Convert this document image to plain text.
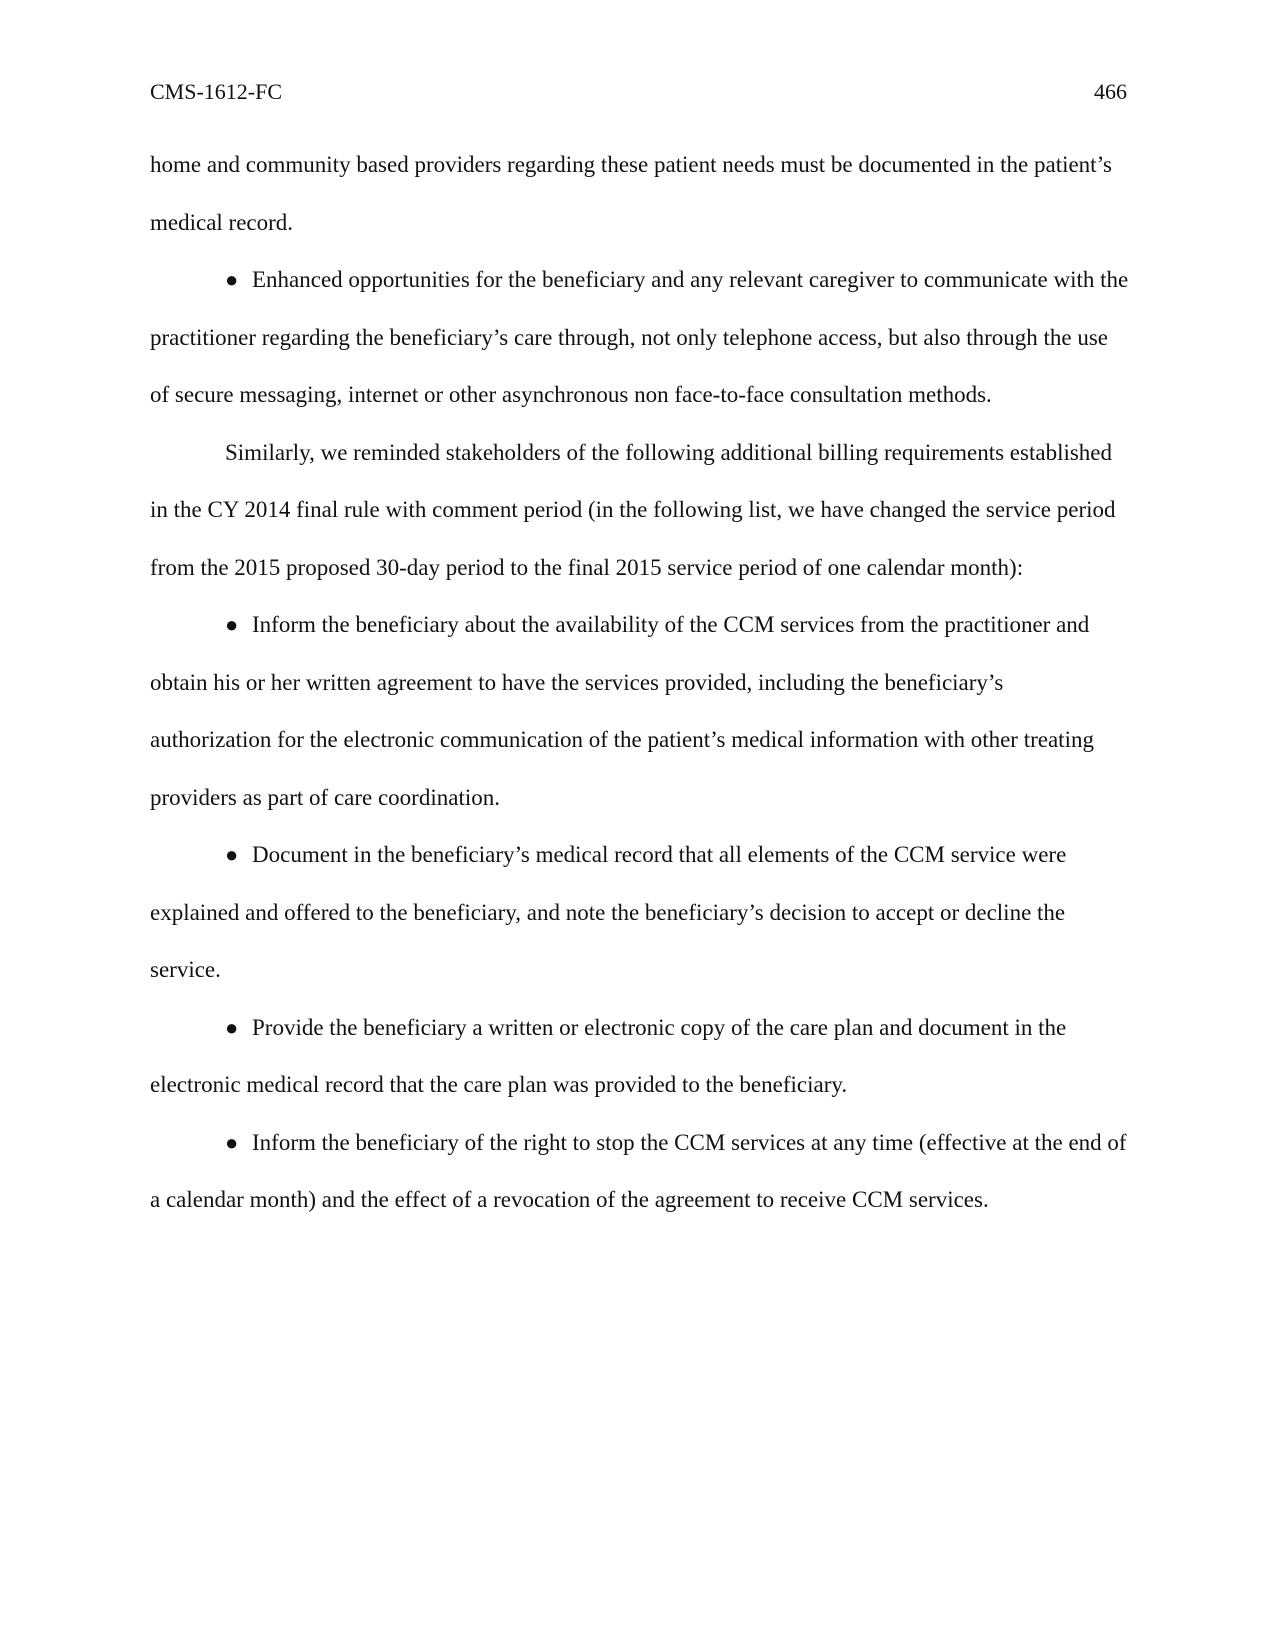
CMS-1612-FC	466

home and community based providers regarding these patient needs must be documented in the patient’s medical record.

● Enhanced opportunities for the beneficiary and any relevant caregiver to communicate with the practitioner regarding the beneficiary’s care through, not only telephone access, but also through the use of secure messaging, internet or other asynchronous non face-to-face consultation methods.

Similarly, we reminded stakeholders of the following additional billing requirements established in the CY 2014 final rule with comment period (in the following list, we have changed the service period from the 2015 proposed 30-day period to the final 2015 service period of one calendar month):

● Inform the beneficiary about the availability of the CCM services from the practitioner and obtain his or her written agreement to have the services provided, including the beneficiary’s authorization for the electronic communication of the patient’s medical information with other treating providers as part of care coordination.

● Document in the beneficiary’s medical record that all elements of the CCM service were explained and offered to the beneficiary, and note the beneficiary’s decision to accept or decline the service.

● Provide the beneficiary a written or electronic copy of the care plan and document in the electronic medical record that the care plan was provided to the beneficiary.

● Inform the beneficiary of the right to stop the CCM services at any time (effective at the end of a calendar month) and the effect of a revocation of the agreement to receive CCM services.
